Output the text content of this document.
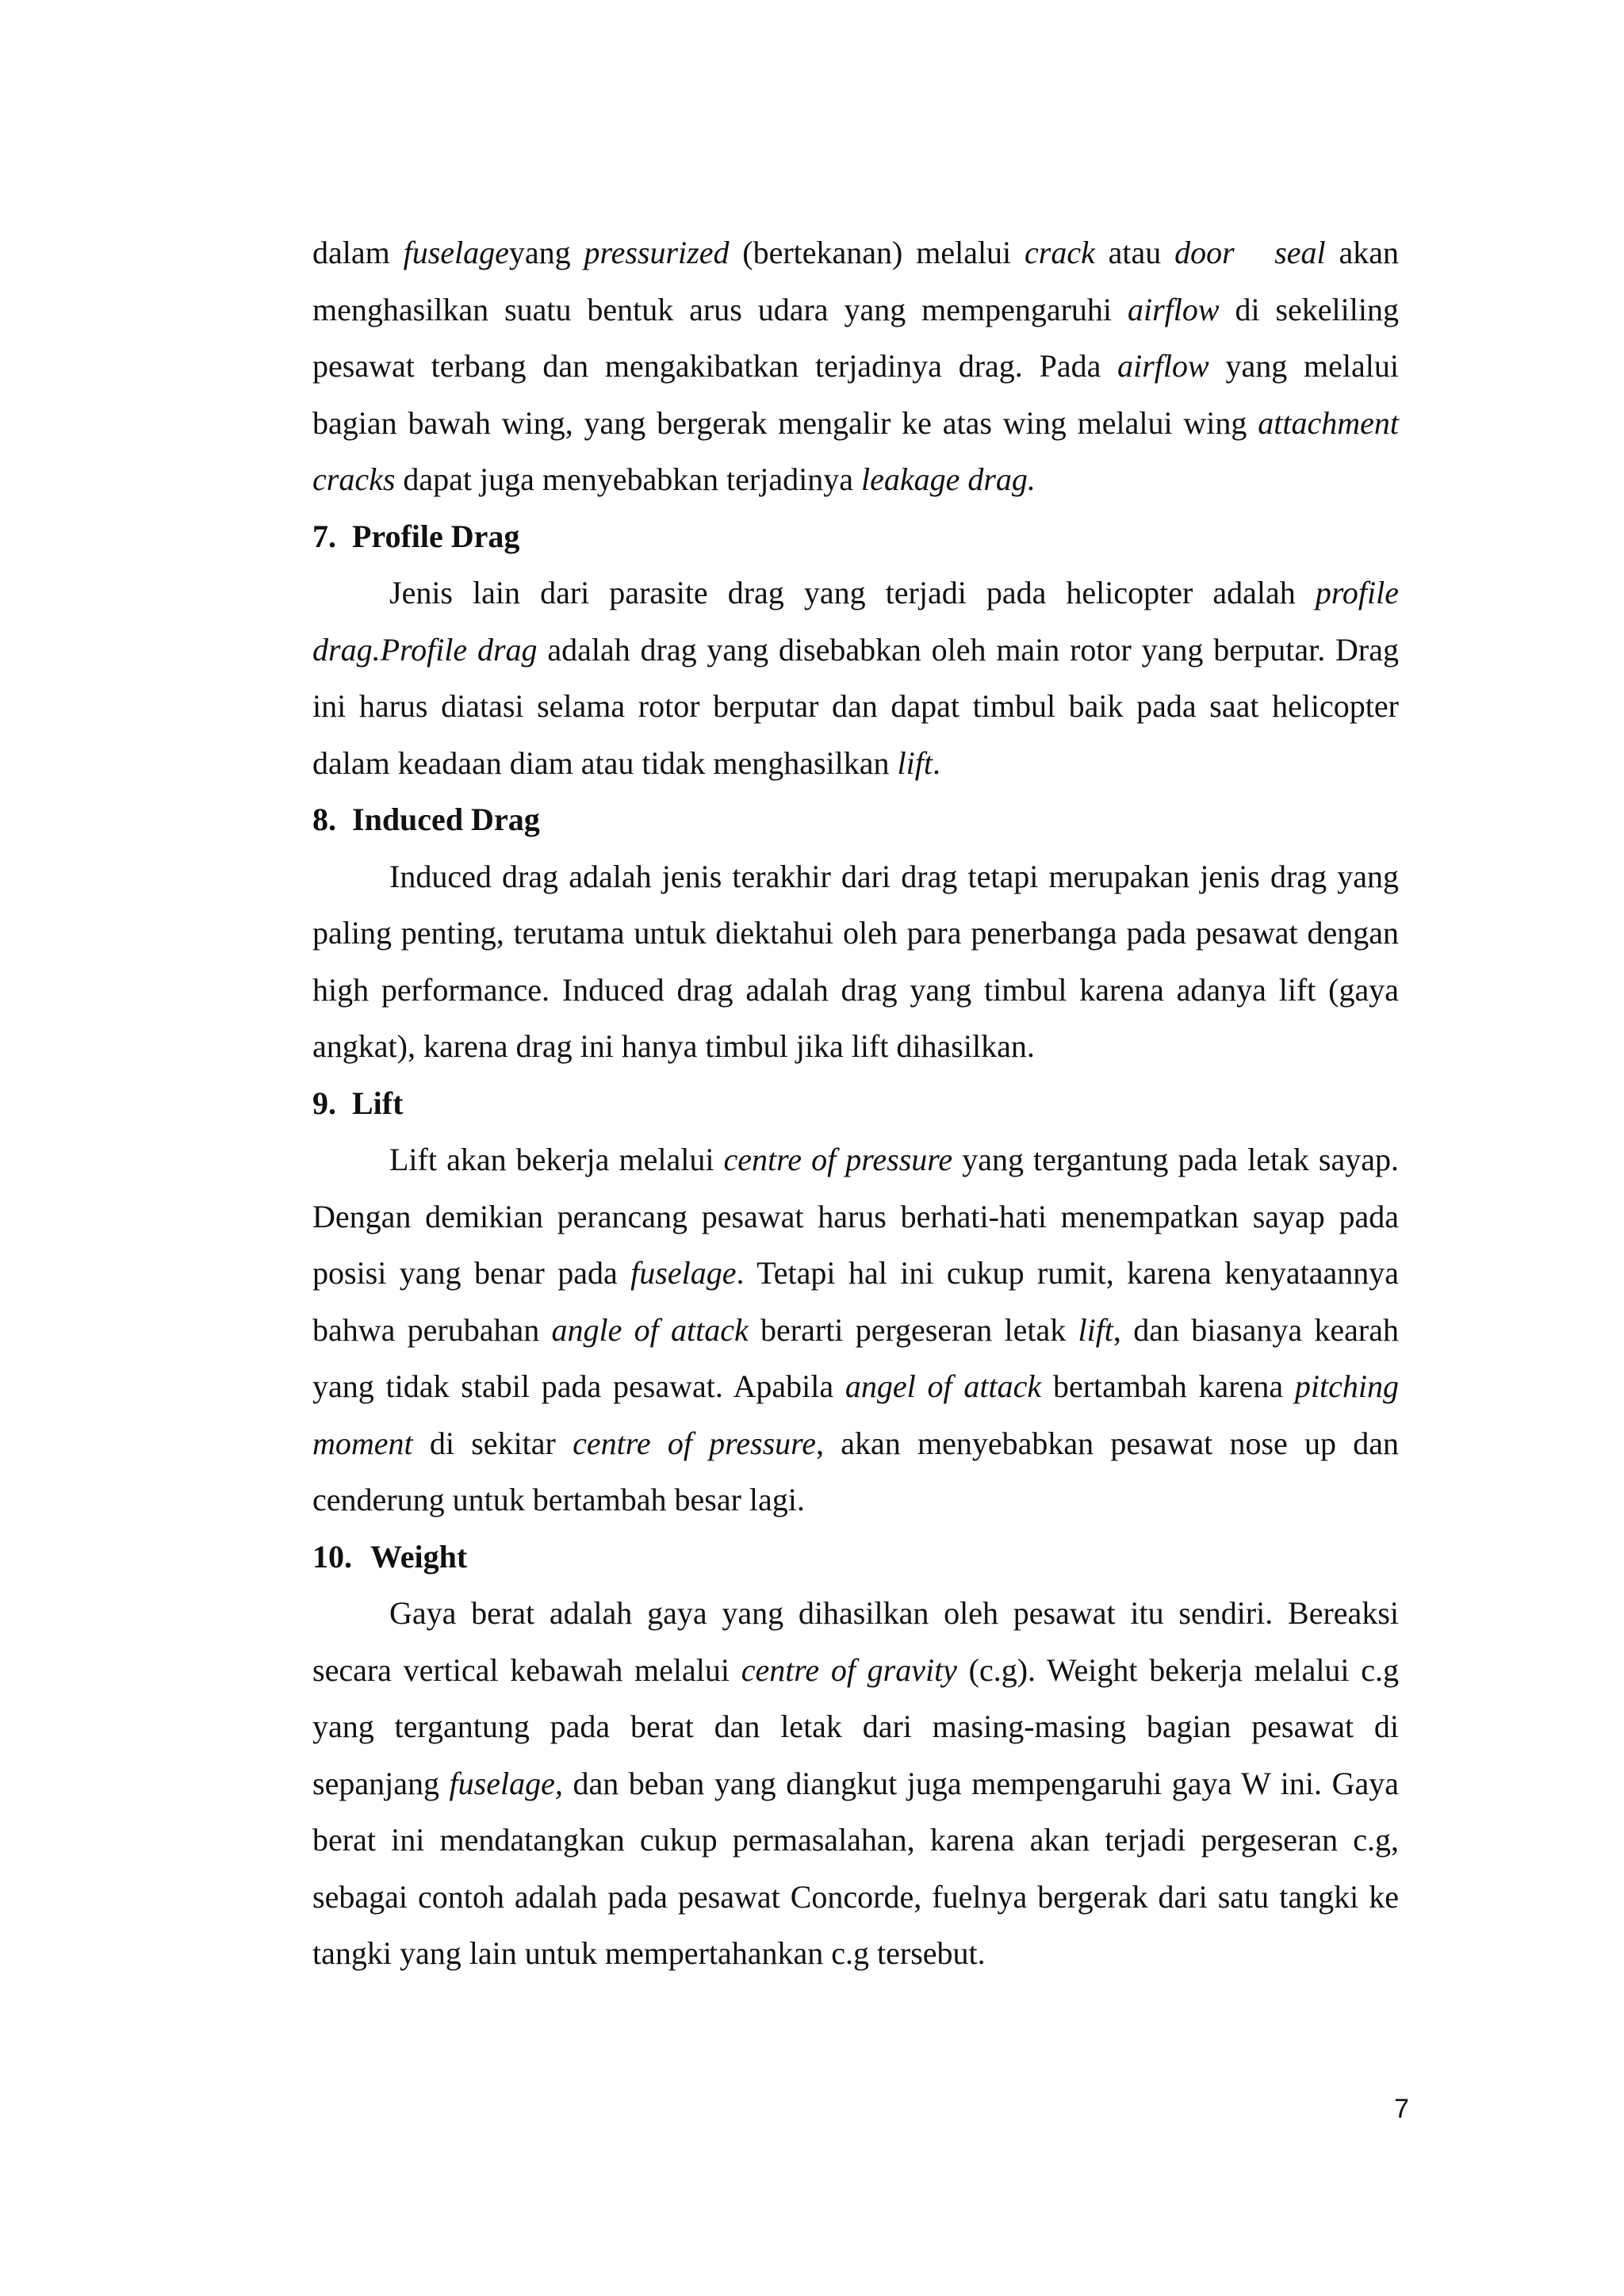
dalam fuselageyang pressurized (bertekanan) melalui crack atau door   seal akan menghasilkan suatu bentuk arus udara yang mempengaruhi airflow di sekeliling pesawat terbang dan mengakibatkan terjadinya drag. Pada airflow yang melalui bagian bawah wing, yang bergerak mengalir ke atas wing melalui wing attachment cracks dapat juga menyebabkan terjadinya leakage drag.

7. Profile Drag

Jenis lain dari parasite drag yang terjadi pada helicopter adalah profile drag.Profile drag adalah drag yang disebabkan oleh main rotor yang berputar. Drag ini harus diatasi selama rotor berputar dan dapat timbul baik pada saat helicopter dalam keadaan diam atau tidak menghasilkan lift.

8. Induced Drag

Induced drag adalah jenis terakhir dari drag tetapi merupakan jenis drag yang paling penting, terutama untuk diektahui oleh para penerbanga pada pesawat dengan high performance. Induced drag adalah drag yang timbul karena adanya lift (gaya angkat), karena drag ini hanya timbul jika lift dihasilkan.

9. Lift

Lift akan bekerja melalui centre of pressure yang tergantung pada letak sayap. Dengan demikian perancang pesawat harus berhati-hati menempatkan sayap pada posisi yang benar pada fuselage. Tetapi hal ini cukup rumit, karena kenyataannya bahwa perubahan angle of attack berarti pergeseran letak lift, dan biasanya kearah yang tidak stabil pada pesawat. Apabila angel of attack bertambah karena pitching moment di sekitar centre of pressure, akan menyebabkan pesawat nose up dan cenderung untuk bertambah besar lagi.

10. Weight

Gaya berat adalah gaya yang dihasilkan oleh pesawat itu sendiri. Bereaksi secara vertical kebawah melalui centre of gravity (c.g). Weight bekerja melalui c.g yang tergantung pada berat dan letak dari masing-masing bagian pesawat di sepanjang fuselage, dan beban yang diangkut juga mempengaruhi gaya W ini. Gaya berat ini mendatangkan cukup permasalahan, karena akan terjadi pergeseran c.g, sebagai contoh adalah pada pesawat Concorde, fuelnya bergerak dari satu tangki ke tangki yang lain untuk mempertahankan c.g tersebut.

7
